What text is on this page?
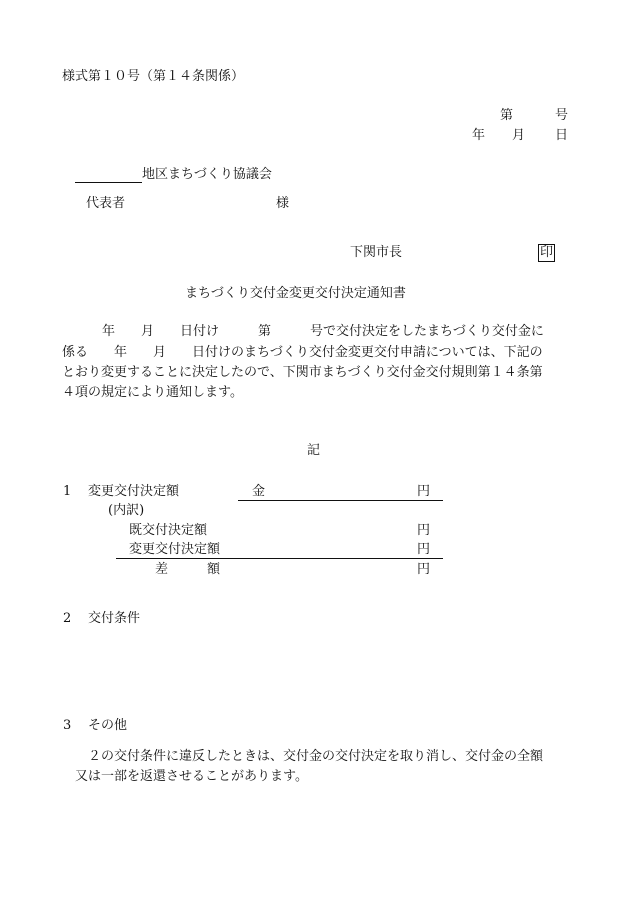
様式第１０号（第１４条関係）
第	号
年 月 日
地区まちづくり協議会
代表者	様
下関市長	印
まちづくり交付金変更交付決定通知書
年　　月　　日付け　　　第　　　号で交付決定をしたまちづくり交付金に
係る　　年　　月　　日付けのまちづくり交付金変更交付申請については、下記の
とおり変更することに決定したので、下関市まちづくり交付金交付規則第１４条第
４項の規定により通知します。
記
1 変更交付決定額	金	円

(内訳)
既交付決定額	円
変更交付決定額	円

差　　　額	円
2 交付条件
3 その他
２の交付条件に違反したときは、交付金の交付決定を取り消し、交付金の全額
又は一部を返還させることがあります。
